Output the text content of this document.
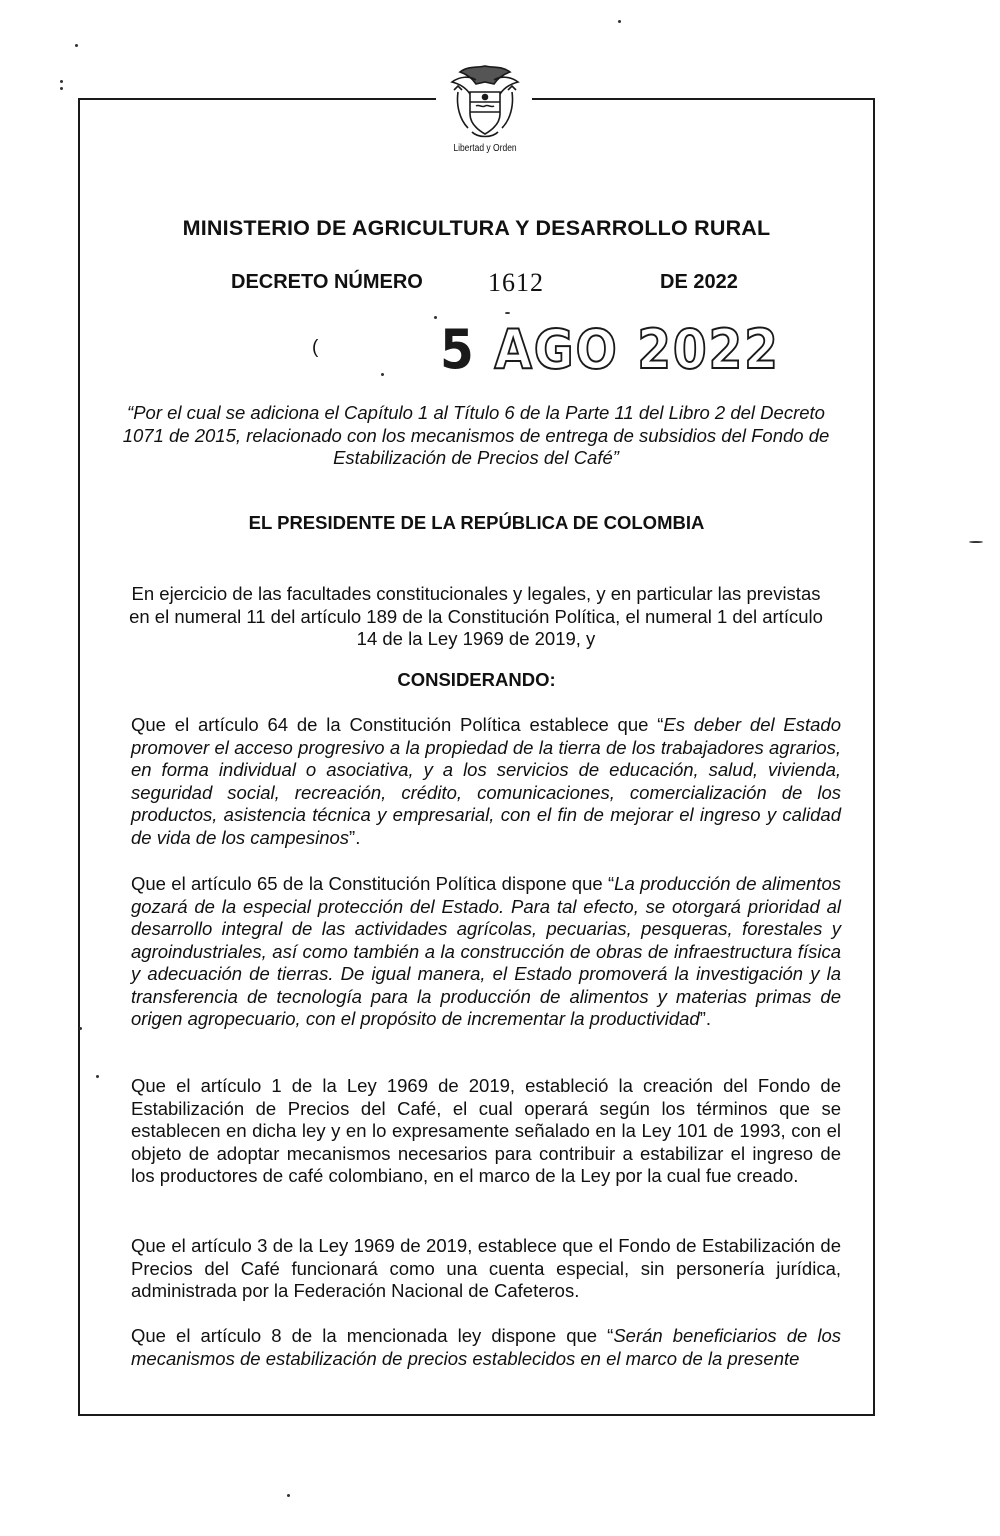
Libertad y Orden
MINISTERIO DE AGRICULTURA Y DESARROLLO RURAL
DECRETO NÚMERO	1612	DE 2022
( 5 AGO 2022
“Por el cual se adiciona el Capítulo 1 al Título 6 de la Parte 11 del Libro 2 del Decreto 1071 de 2015, relacionado con los mecanismos de entrega de subsidios del Fondo de Estabilización de Precios del Café”
EL PRESIDENTE DE LA REPÚBLICA DE COLOMBIA
En ejercicio de las facultades constitucionales y legales, y en particular las previstas en el numeral 11 del artículo 189 de la Constitución Política, el numeral 1 del artículo 14 de la Ley 1969 de 2019, y
CONSIDERANDO:
Que el artículo 64 de la Constitución Política establece que “Es deber del Estado promover el acceso progresivo a la propiedad de la tierra de los trabajadores agrarios, en forma individual o asociativa, y a los servicios de educación, salud, vivienda, seguridad social, recreación, crédito, comunicaciones, comercialización de los productos, asistencia técnica y empresarial, con el fin de mejorar el ingreso y calidad de vida de los campesinos”.
Que el artículo 65 de la Constitución Política dispone que “La producción de alimentos gozará de la especial protección del Estado. Para tal efecto, se otorgará prioridad al desarrollo integral de las actividades agrícolas, pecuarias, pesqueras, forestales y agroindustriales, así como también a la construcción de obras de infraestructura física y adecuación de tierras. De igual manera, el Estado promoverá la investigación y la transferencia de tecnología para la producción de alimentos y materias primas de origen agropecuario, con el propósito de incrementar la productividad”.
Que el artículo 1 de la Ley 1969 de 2019, estableció la creación del Fondo de Estabilización de Precios del Café, el cual operará según los términos que se establecen en dicha ley y en lo expresamente señalado en la Ley 101 de 1993, con el objeto de adoptar mecanismos necesarios para contribuir a estabilizar el ingreso de los productores de café colombiano, en el marco de la Ley por la cual fue creado.
Que el artículo 3 de la Ley 1969 de 2019, establece que el Fondo de Estabilización de Precios del Café funcionará como una cuenta especial, sin personería jurídica, administrada por la Federación Nacional de Cafeteros.
Que el artículo 8 de la mencionada ley dispone que “Serán beneficiarios de los mecanismos de estabilización de precios establecidos en el marco de la presente
